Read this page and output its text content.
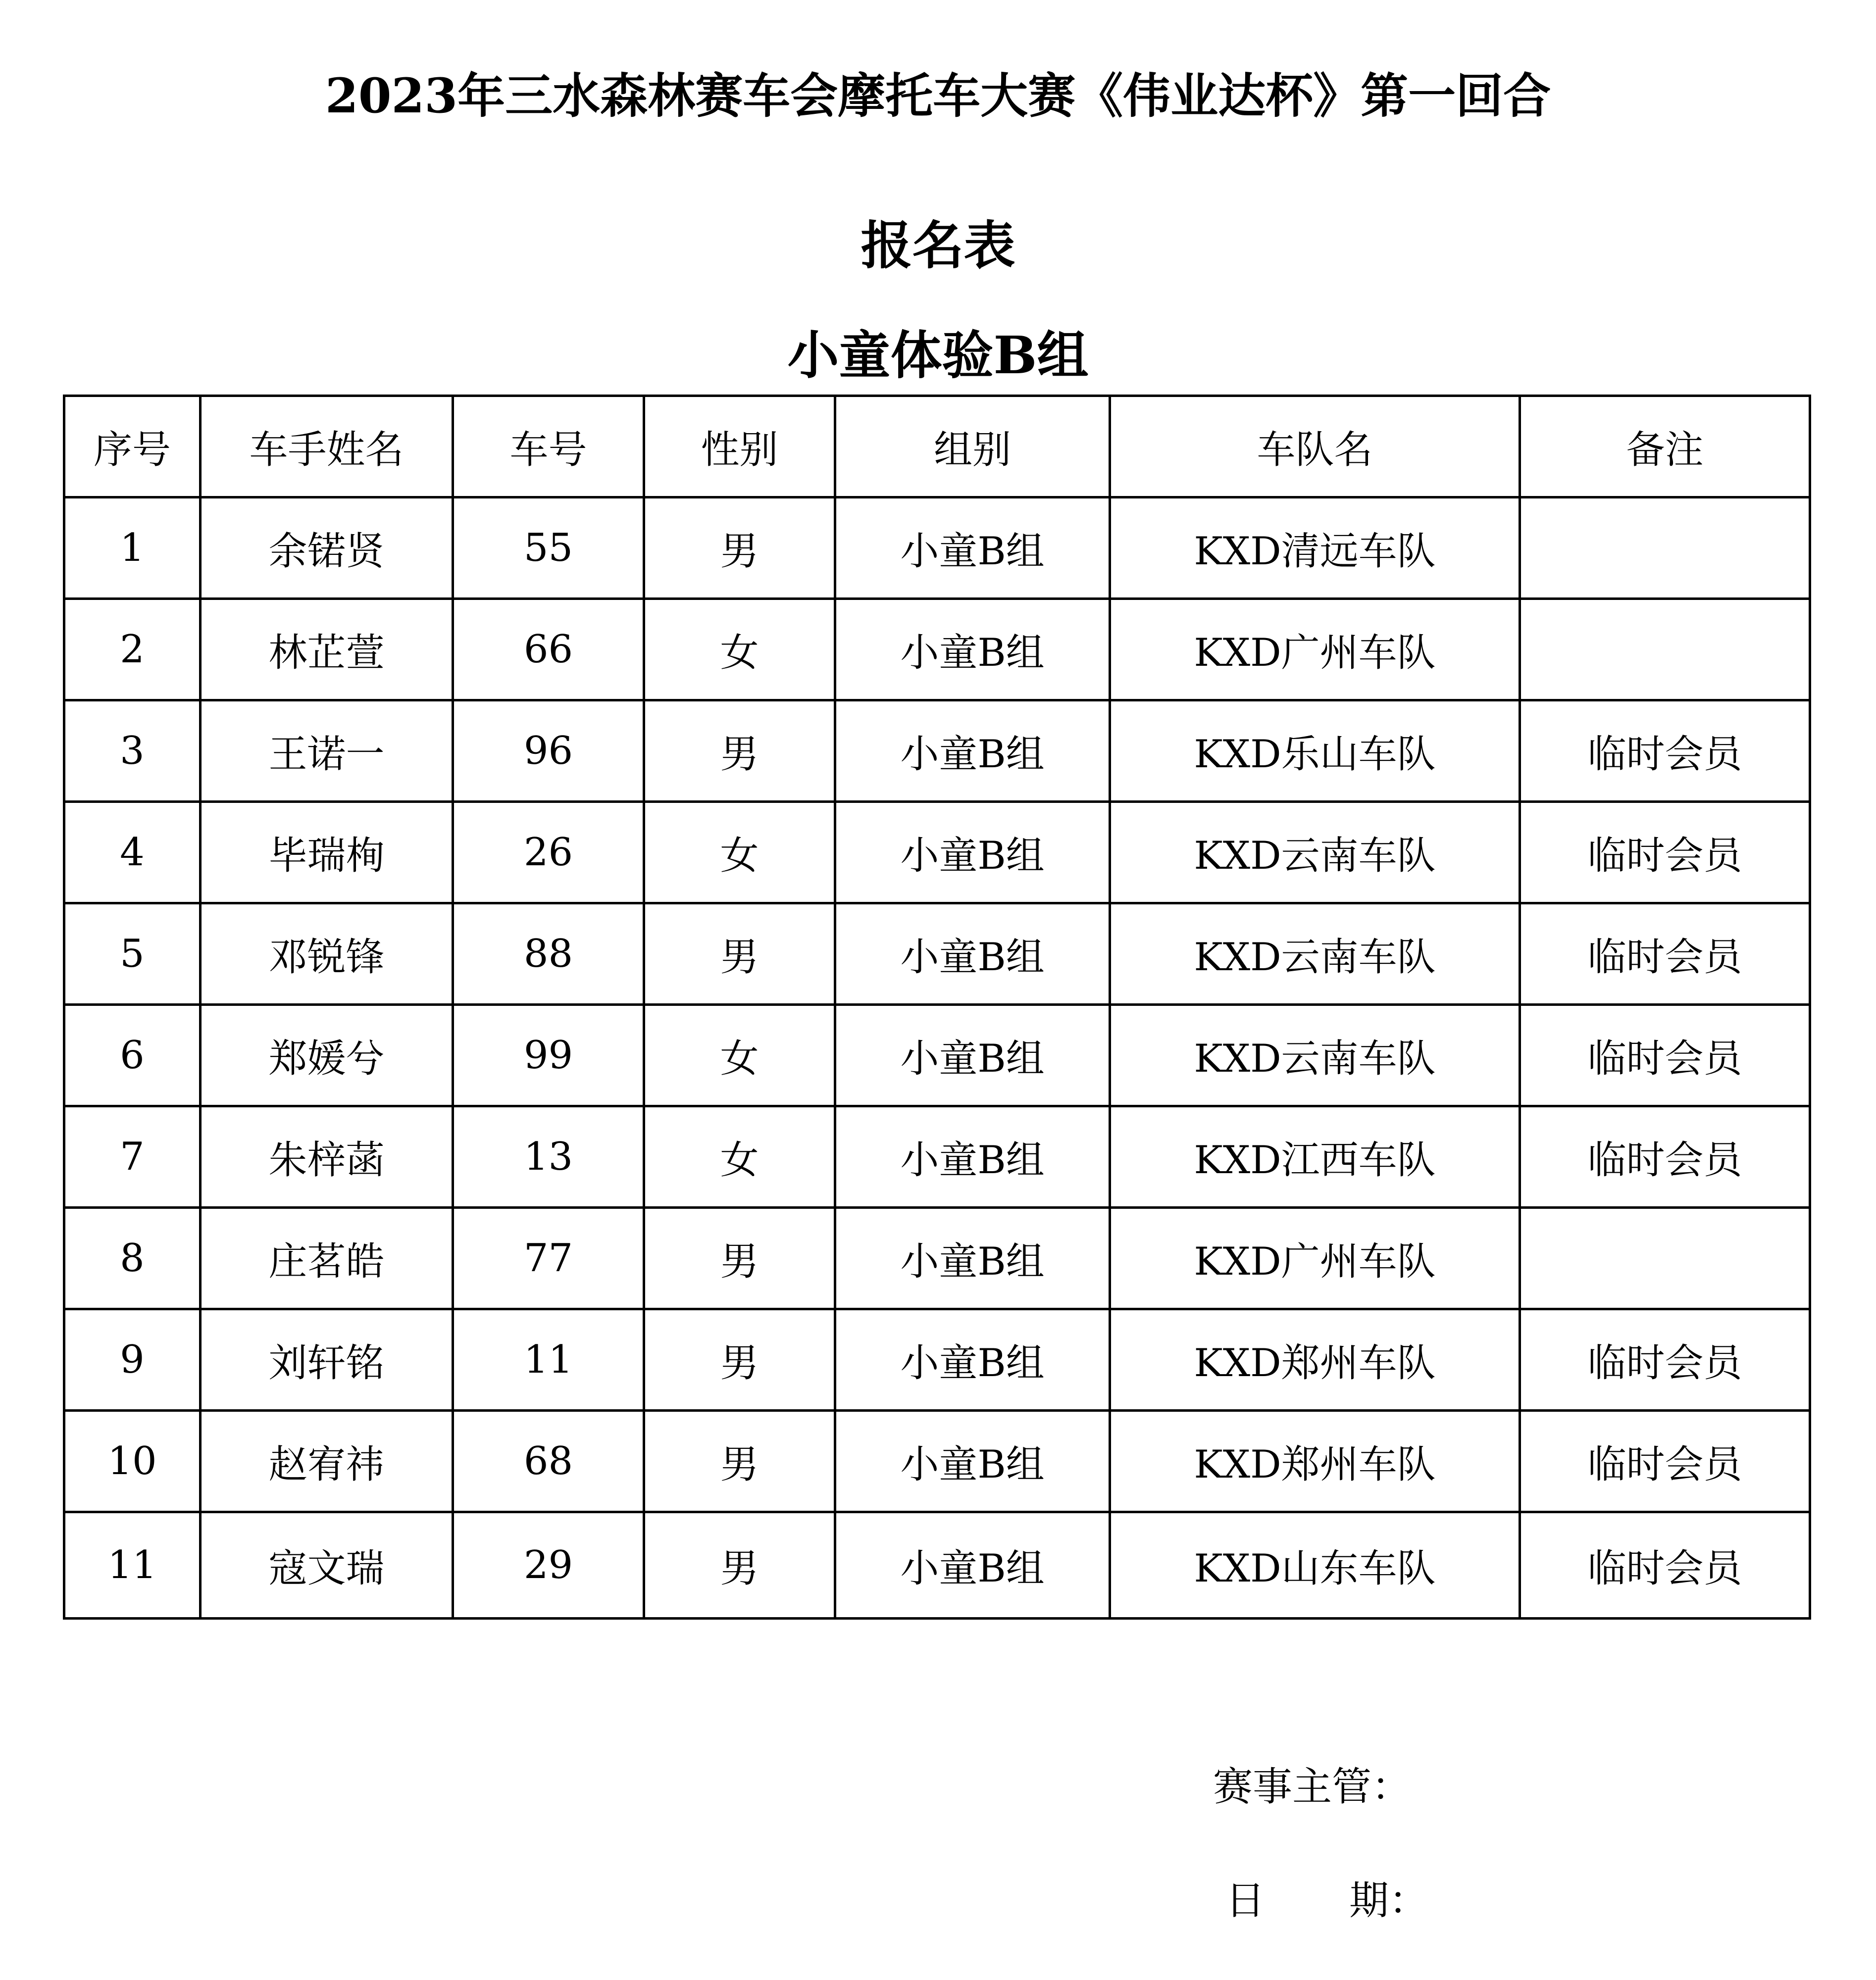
2023年三水森林赛车会摩托车大赛《伟业达杯》第一回合
报名表
小童体验B组
序号	车手姓名	车号	性别	组别	车队名	备注
1	余锘贤	55	男	小童B组	KXD清远车队	
2	林芷萱	66	女	小童B组	KXD广州车队	
3	王诺一	96	男	小童B组	KXD乐山车队	临时会员
4	毕瑞栒	26	女	小童B组	KXD云南车队	临时会员
5	邓锐锋	88	男	小童B组	KXD云南车队	临时会员
6	郑媛兮	99	女	小童B组	KXD云南车队	临时会员
7	朱梓菡	13	女	小童B组	KXD江西车队	临时会员
8	庄茗皓	77	男	小童B组	KXD广州车队	
9	刘轩铭	11	男	小童B组	KXD郑州车队	临时会员
10	赵宥祎	68	男	小童B组	KXD郑州车队	临时会员
11	寇文瑞	29	男	小童B组	KXD山东车队	临时会员
赛事主管：
日 期：
